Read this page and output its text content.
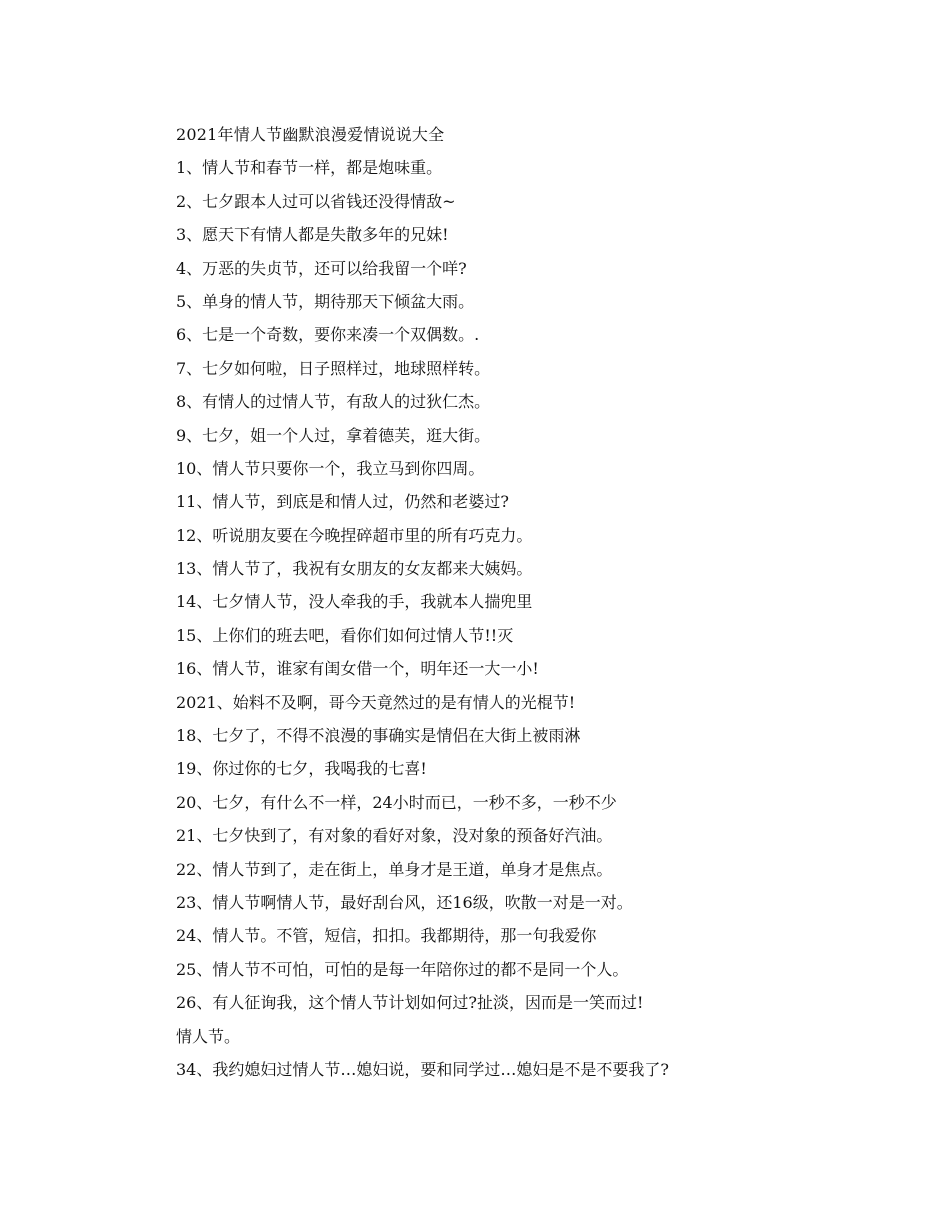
2021年情人节幽默浪漫爱情说说大全
1、情人节和春节一样，都是炮味重。
2、七夕跟本人过可以省钱还没得情敌~
3、愿天下有情人都是失散多年的兄妹!
4、万恶的失贞节，还可以给我留一个咩?
5、单身的情人节，期待那天下倾盆大雨。
6、七是一个奇数，要你来凑一个双偶数。.
7、七夕如何啦，日子照样过，地球照样转。
8、有情人的过情人节，有敌人的过狄仁杰。
9、七夕，姐一个人过，拿着德芙，逛大街。
10、情人节只要你一个，我立马到你四周。
11、情人节，到底是和情人过，仍然和老婆过?
12、听说朋友要在今晚捏碎超市里的所有巧克力。
13、情人节了，我祝有女朋友的女友都来大姨妈。
14、七夕情人节，没人牵我的手，我就本人揣兜里
15、上你们的班去吧，看你们如何过情人节!!灭
16、情人节，谁家有闺女借一个，明年还一大一小!
2021、始料不及啊，哥今天竟然过的是有情人的光棍节!
18、七夕了，不得不浪漫的事确实是情侣在大街上被雨淋
19、你过你的七夕，我喝我的七喜!
20、七夕，有什么不一样，24小时而已，一秒不多，一秒不少
21、七夕快到了，有对象的看好对象，没对象的预备好汽油。
22、情人节到了，走在街上，单身才是王道，单身才是焦点。
23、情人节啊情人节，最好刮台风，还16级，吹散一对是一对。
24、情人节。不管，短信，扣扣。我都期待，那一句我爱你
25、情人节不可怕，可怕的是每一年陪你过的都不是同一个人。
26、有人征询我，这个情人节计划如何过?扯淡，因而是一笑而过!
情人节。
34、我约媳妇过情人节…媳妇说，要和同学过…媳妇是不是不要我了?
